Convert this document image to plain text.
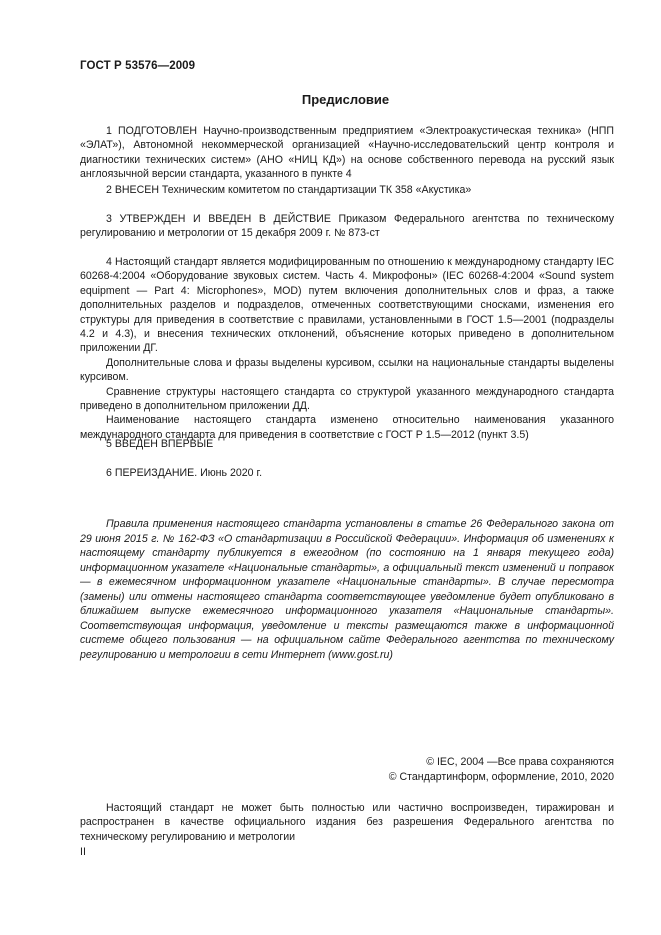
ГОСТ Р 53576—2009
Предисловие

1 ПОДГОТОВЛЕН Научно-производственным предприятием «Электроакустическая техника» (НПП «ЭЛАТ»), Автономной некоммерческой организацией «Научно-исследовательский центр контроля и диагностики технических систем» (АНО «НИЦ КД») на основе собственного перевода на русский язык англоязычной версии стандарта, указанного в пункте 4

2 ВНЕСЕН Техническим комитетом по стандартизации ТК 358 «Акустика»

3 УТВЕРЖДЕН И ВВЕДЕН В ДЕЙСТВИЕ Приказом Федерального агентства по техническому регулированию и метрологии от 15 декабря 2009 г. № 873-ст

4 Настоящий стандарт является модифицированным по отношению к международному стандарту IEC 60268-4:2004 «Оборудование звуковых систем. Часть 4. Микрофоны» (IEC 60268-4:2004 «Sound system equipment — Part 4: Microphones», MOD) путем включения дополнительных слов и фраз, а также дополнительных разделов и подразделов, отмеченных соответствующими сносками, изменения его структуры для приведения в соответствие с правилами, установленными в ГОСТ 1.5—2001 (подразделы 4.2 и 4.3), и внесения технических отклонений, объяснение которых приведено в дополнительном приложении ДГ.

Дополнительные слова и фразы выделены курсивом, ссылки на национальные стандарты выделены курсивом.

Сравнение структуры настоящего стандарта со структурой указанного международного стандарта приведено в дополнительном приложении ДД.

Наименование настоящего стандарта изменено относительно наименования указанного международного стандарта для приведения в соответствие с ГОСТ Р 1.5—2012 (пункт 3.5)

5 ВВЕДЕН ВПЕРВЫЕ

6 ПЕРЕИЗДАНИЕ. Июнь 2020 г.

Правила применения настоящего стандарта установлены в статье 26 Федерального закона от 29 июня 2015 г. № 162-ФЗ «О стандартизации в Российской Федерации». Информация об изменениях к настоящему стандарту публикуется в ежегодном (по состоянию на 1 января текущего года) информационном указателе «Национальные стандарты», а официальный текст изменений и поправок — в ежемесячном информационном указателе «Национальные стандарты». В случае пересмотра (замены) или отмены настоящего стандарта соответствующее уведомление будет опубликовано в ближайшем выпуске ежемесячного информационного указателя «Национальные стандарты». Соответствующая информация, уведомление и тексты размещаются также в информационной системе общего пользования — на официальном сайте Федерального агентства по техническому регулированию и метрологии в сети Интернет (www.gost.ru)

© IEC, 2004 —Все права сохраняются
© Стандартинформ, оформление, 2010, 2020

Настоящий стандарт не может быть полностью или частично воспроизведен, тиражирован и распространен в качестве официального издания без разрешения Федерального агентства по техническому регулированию и метрологии

II
